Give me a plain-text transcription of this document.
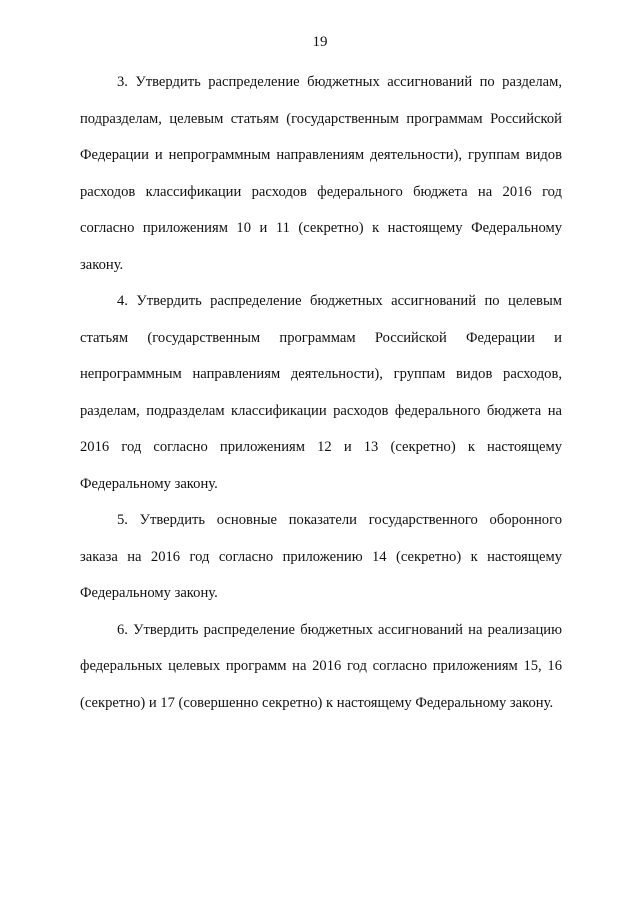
19

3. Утвердить распределение бюджетных ассигнований по разделам, подразделам, целевым статьям (государственным программам Российской Федерации и непрограммным направлениям деятельности), группам видов расходов классификации расходов федерального бюджета на 2016 год согласно приложениям 10 и 11 (секретно) к настоящему Федеральному закону.

4. Утвердить распределение бюджетных ассигнований по целевым статьям (государственным программам Российской Федерации и непрограммным направлениям деятельности), группам видов расходов, разделам, подразделам классификации расходов федерального бюджета на 2016 год согласно приложениям 12 и 13 (секретно) к настоящему Федеральному закону.

5. Утвердить основные показатели государственного оборонного заказа на 2016 год согласно приложению 14 (секретно) к настоящему Федеральному закону.

6. Утвердить распределение бюджетных ассигнований на реализацию федеральных целевых программ на 2016 год согласно приложениям 15, 16 (секретно) и 17 (совершенно секретно) к настоящему Федеральному закону.
